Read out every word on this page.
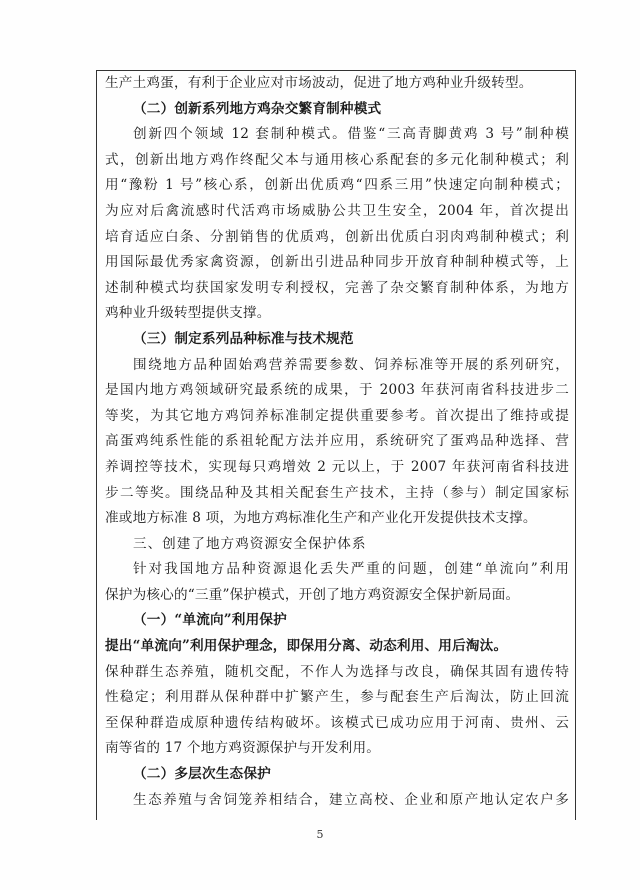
生产土鸡蛋，有利于企业应对市场波动，促进了地方鸡种业升级转型。
（二）创新系列地方鸡杂交繁育制种模式
创新四个领域 12 套制种模式。借鉴“三高青脚黄鸡 3 号”制种模
式，创新出地方鸡作终配父本与通用核心系配套的多元化制种模式；利
用“豫粉 1 号”核心系，创新出优质鸡“四系三用”快速定向制种模式；
为应对后禽流感时代活鸡市场威胁公共卫生安全，2004 年，首次提出
培育适应白条、分割销售的优质鸡，创新出优质白羽肉鸡制种模式；利
用国际最优秀家禽资源，创新出引进品种同步开放育种制种模式等，上
述制种模式均获国家发明专利授权，完善了杂交繁育制种体系，为地方
鸡种业升级转型提供支撑。
（三）制定系列品种标准与技术规范
围绕地方品种固始鸡营养需要参数、饲养标准等开展的系列研究，
是国内地方鸡领域研究最系统的成果，于 2003 年获河南省科技进步二
等奖，为其它地方鸡饲养标准制定提供重要参考。首次提出了维持或提
高蛋鸡纯系性能的系祖轮配方法并应用，系统研究了蛋鸡品种选择、营
养调控等技术，实现每只鸡增效 2 元以上，于 2007 年获河南省科技进
步二等奖。围绕品种及其相关配套生产技术，主持（参与）制定国家标
准或地方标准 8 项，为地方鸡标准化生产和产业化开发提供技术支撑。
三、创建了地方鸡资源安全保护体系
针对我国地方品种资源退化丢失严重的问题，创建“单流向”利用
保护为核心的“三重”保护模式，开创了地方鸡资源安全保护新局面。
（一）“单流向”利用保护
提出“单流向”利用保护理念，即保用分离、动态利用、用后淘汰。
保种群生态养殖，随机交配，不作人为选择与改良，确保其固有遗传特
性稳定；利用群从保种群中扩繁产生，参与配套生产后淘汰，防止回流
至保种群造成原种遗传结构破坏。该模式已成功应用于河南、贵州、云
南等省的 17 个地方鸡资源保护与开发利用。
（二）多层次生态保护
生态养殖与舍饲笼养相结合，建立高校、企业和原产地认定农户多
5
